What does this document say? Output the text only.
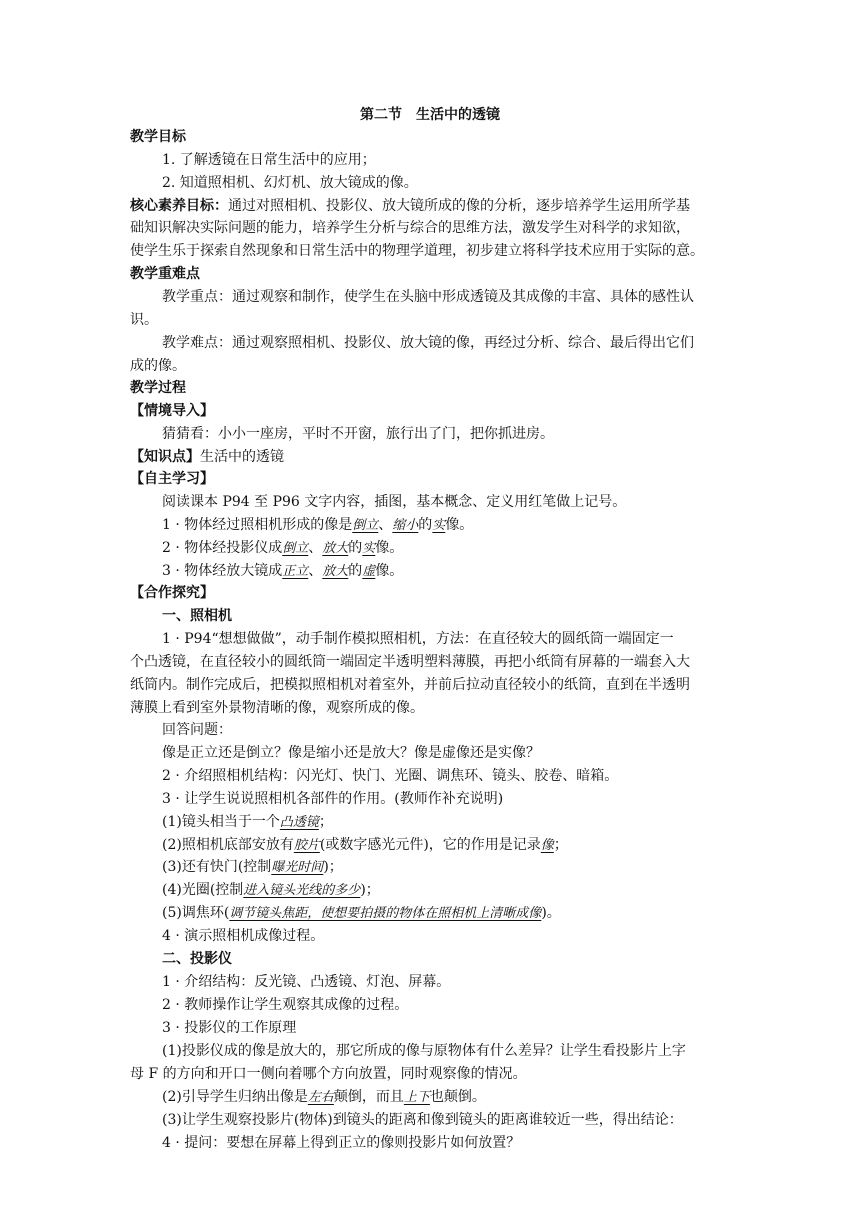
第二节　生活中的透镜
教学目标
1. 了解透镜在日常生活中的应用；
2. 知道照相机、幻灯机、放大镜成的像。
核心素养目标：通过对照相机、投影仪、放大镜所成的像的分析，逐步培养学生运用所学基
础知识解决实际问题的能力，培养学生分析与综合的思维方法，激发学生对科学的求知欲，
使学生乐于探索自然现象和日常生活中的物理学道理，初步建立将科学技术应用于实际的意。
教学重难点
教学重点：通过观察和制作，使学生在头脑中形成透镜及其成像的丰富、具体的感性认
识。
教学难点：通过观察照相机、投影仪、放大镜的像，再经过分析、综合、最后得出它们
成的像。
教学过程
【情境导入】
猜猜看：小小一座房，平时不开窗，旅行出了门，把你抓进房。
【知识点】生活中的透镜
【自主学习】
阅读课本 P94 至 P96 文字内容，插图，基本概念、定义用红笔做上记号。
1 · 物体经过照相机形成的像是倒立、缩小的实像。
2 · 物体经投影仪成倒立、放大的实像。
3 · 物体经放大镜成正立、放大的虚像。
【合作探究】
一、照相机
1 · P94“想想做做”，动手制作模拟照相机，方法：在直径较大的圆纸筒一端固定一
个凸透镜，在直径较小的圆纸筒一端固定半透明塑料薄膜，再把小纸筒有屏幕的一端套入大
纸筒内。制作完成后，把模拟照相机对着室外，并前后拉动直径较小的纸筒，直到在半透明
薄膜上看到室外景物清晰的像，观察所成的像。
回答问题：
像是正立还是倒立？像是缩小还是放大？像是虚像还是实像？
2 · 介绍照相机结构：闪光灯、快门、光圈、调焦环、镜头、胶卷、暗箱。
3 · 让学生说说照相机各部件的作用。(教师作补充说明)
(1)镜头相当于一个凸透镜；
(2)照相机底部安放有胶片(或数字感光元件)，它的作用是记录像；
(3)还有快门(控制曝光时间)；
(4)光圈(控制进入镜头光线的多少)；
(5)调焦环(调节镜头焦距，使想要拍摄的物体在照相机上清晰成像)。
4 · 演示照相机成像过程。
二、投影仪
1 · 介绍结构：反光镜、凸透镜、灯泡、屏幕。
2 · 教师操作让学生观察其成像的过程。
3 · 投影仪的工作原理
(1)投影仪成的像是放大的，那它所成的像与原物体有什么差异？让学生看投影片上字
母 F 的方向和开口一侧向着哪个方向放置，同时观察像的情况。
(2)引导学生归纳出像是左右颠倒，而且上下也颠倒。
(3)让学生观察投影片(物体)到镜头的距离和像到镜头的距离谁较近一些，得出结论：
4 · 提问：要想在屏幕上得到正立的像则投影片如何放置？
